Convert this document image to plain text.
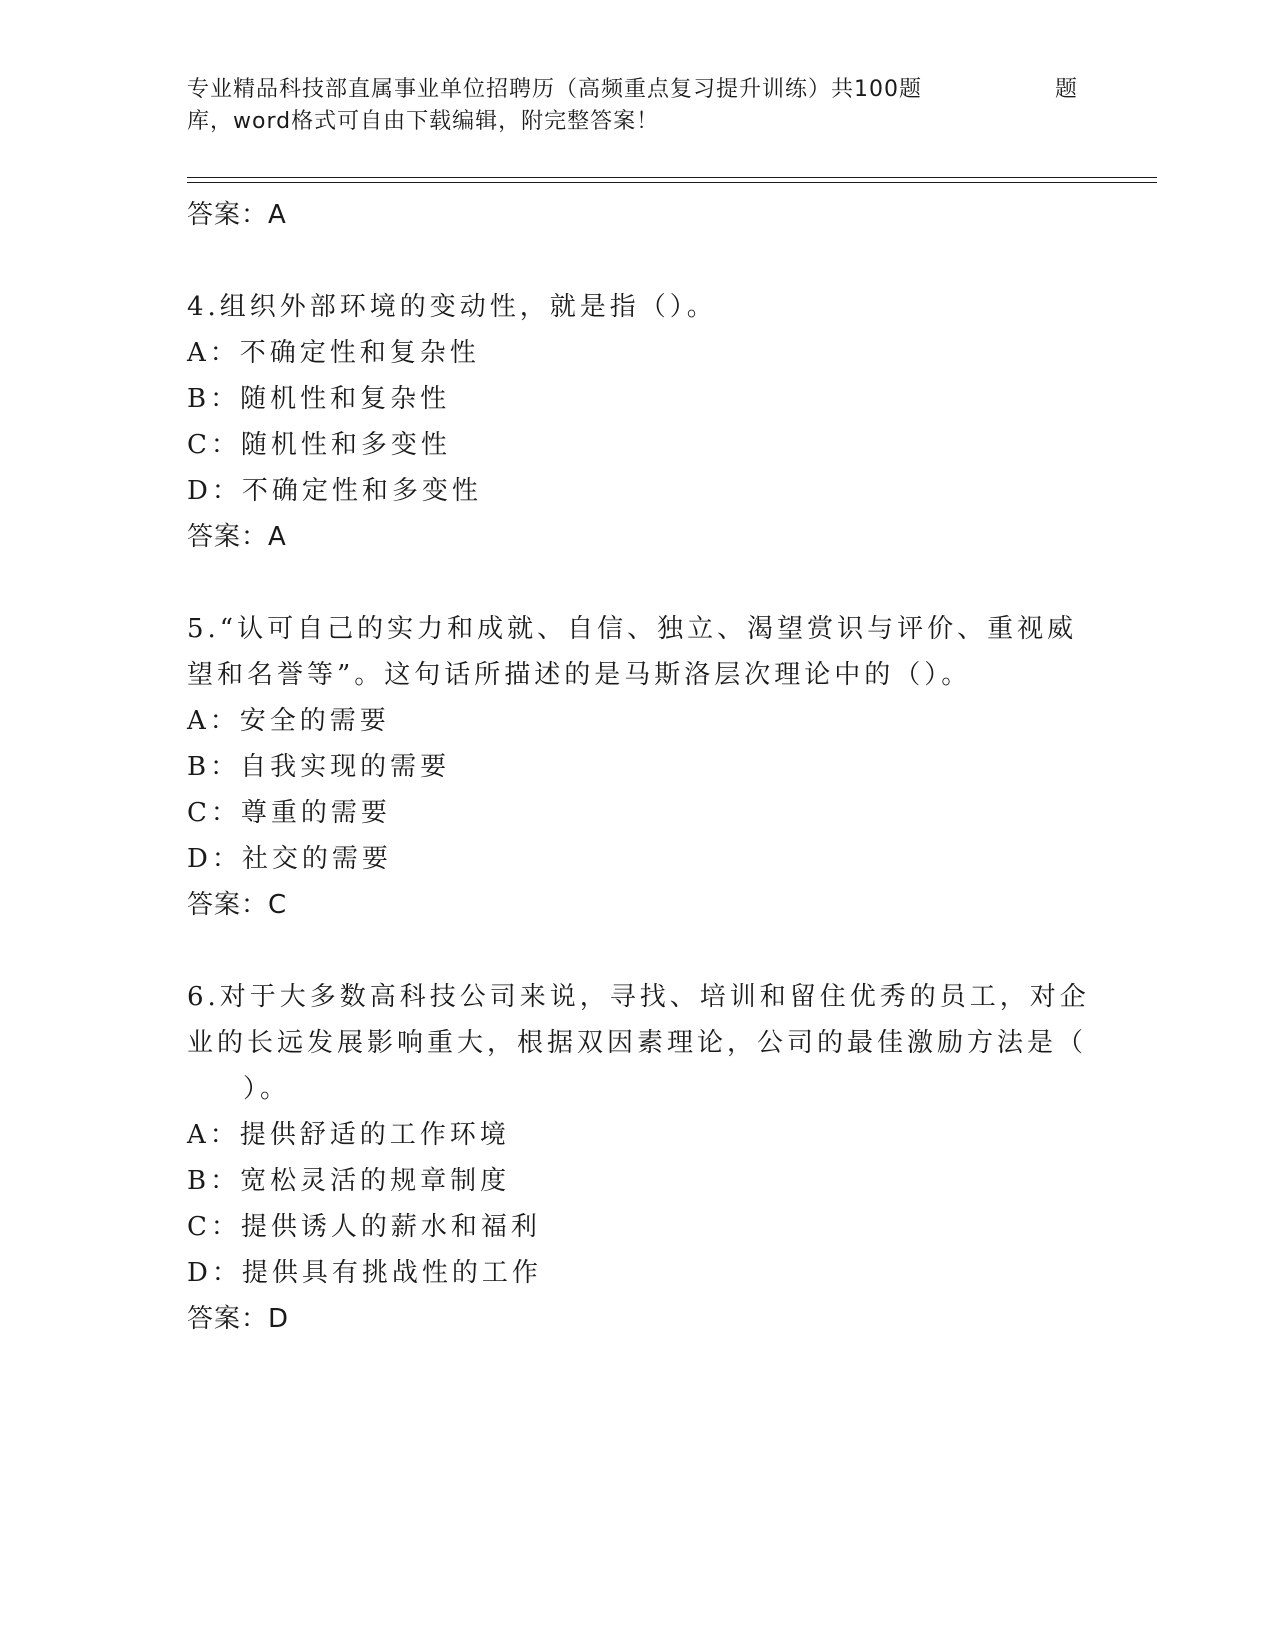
专业精品科技部直属事业单位招聘历（高频重点复习提升训练）共100题	题
库，word格式可自由下载编辑，附完整答案！
答案：A
4.组织外部环境的变动性，就是指（）。
A：不确定性和复杂性
B：随机性和复杂性
C：随机性和多变性
D：不确定性和多变性
答案：A
5.“认可自己的实力和成就、自信、独立、渴望赏识与评价、重视威
望和名誉等”。这句话所描述的是马斯洛层次理论中的（）。
A：安全的需要
B：自我实现的需要
C：尊重的需要
D：社交的需要
答案：C
6.对于大多数高科技公司来说，寻找、培训和留住优秀的员工，对企
业的长远发展影响重大，根据双因素理论，公司的最佳激励方法是（
）。
A：提供舒适的工作环境
B：宽松灵活的规章制度
C：提供诱人的薪水和福利
D：提供具有挑战性的工作
答案：D
